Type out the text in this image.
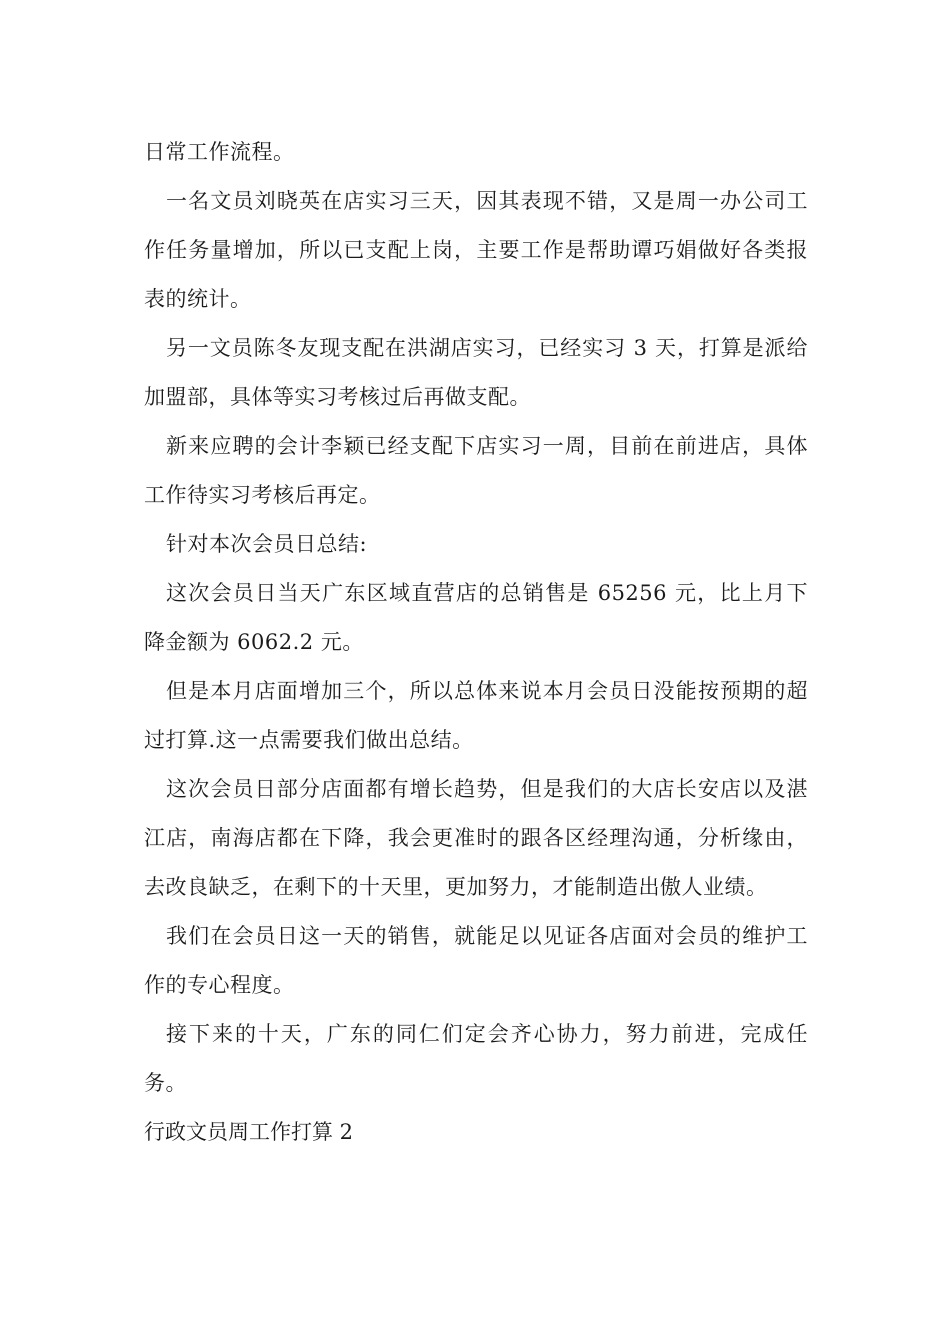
日常工作流程。

一名文员刘晓英在店实习三天，因其表现不错，又是周一办公司工作任务量增加，所以已支配上岗，主要工作是帮助谭巧娟做好各类报表的统计。

另一文员陈冬友现支配在洪湖店实习，已经实习 3 天，打算是派给加盟部，具体等实习考核过后再做支配。

新来应聘的会计李颖已经支配下店实习一周，目前在前进店，具体工作待实习考核后再定。

针对本次会员日总结:

这次会员日当天广东区域直营店的总销售是 65256 元，比上月下降金额为 6062.2 元。

但是本月店面增加三个，所以总体来说本月会员日没能按预期的超过打算.这一点需要我们做出总结。

这次会员日部分店面都有增长趋势，但是我们的大店长安店以及湛江店，南海店都在下降，我会更准时的跟各区经理沟通，分析缘由，去改良缺乏，在剩下的十天里，更加努力，才能制造出傲人业绩。

我们在会员日这一天的销售，就能足以见证各店面对会员的维护工作的专心程度。

接下来的十天，广东的同仁们定会齐心协力，努力前进，完成任务。

行政文员周工作打算 2
